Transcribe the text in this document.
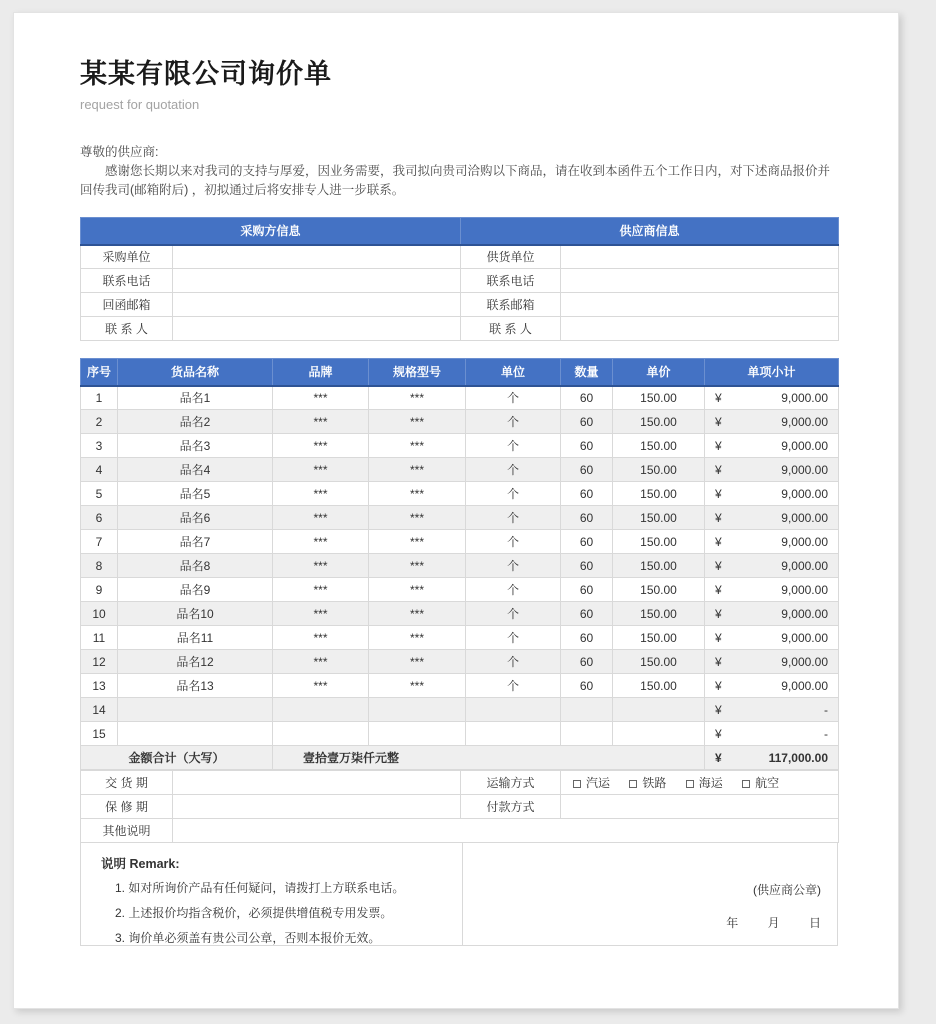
某某有限公司询价单
request for quotation

尊敬的供应商:

感谢您长期以来对我司的支持与厚爱，因业务需要，我司拟向贵司洽购以下商品，请在收到本函件五个工作日内，对下述商品报价并回传我司(邮箱附后) ，初拟通过后将安排专人进一步联系。

采购方信息		供应商信息	
采购单位		供货单位	
联系电话		联系电话	
回函邮箱		联系邮箱	
联 系 人		联 系 人	
序号	货品名称	品牌	规格型号	单位	数量	单价	单项小计
1	品名1	***	***	个	60	150.00	¥ 9,000.00

2	品名2	***	***	个	60	150.00	¥ 9,000.00

3	品名3	***	***	个	60	150.00	¥ 9,000.00

4	品名4	***	***	个	60	150.00	¥ 9,000.00

5	品名5	***	***	个	60	150.00	¥ 9,000.00

6	品名6	***	***	个	60	150.00	¥ 9,000.00

7	品名7	***	***	个	60	150.00	¥ 9,000.00

8	品名8	***	***	个	60	150.00	¥ 9,000.00

9	品名9	***	***	个	60	150.00	¥ 9,000.00

10	品名10	***	***	个	60	150.00	¥ 9,000.00

11	品名11	***	***	个	60	150.00	¥ 9,000.00

12	品名12	***	***	个	60	150.00	¥ 9,000.00

13	品名13	***	***	个	60	150.00	¥ 9,000.00

14							¥ -

15							¥ -

金额合计（大写）		壹拾壹万柒仟元整					¥ 117,000.00
交 货 期		运输方式	汽运 铁路 海运 航空
保 修 期		付款方式	
其他说明			
说明 Remark:
1. 如对所询价产品有任何疑问，请拨打上方联系电话。
2. 上述报价均指含税价，必须提供增值税专用发票。
3. 询价单必须盖有贵公司公章，否则本报价无效。
(供应商公章)
年 月 日
